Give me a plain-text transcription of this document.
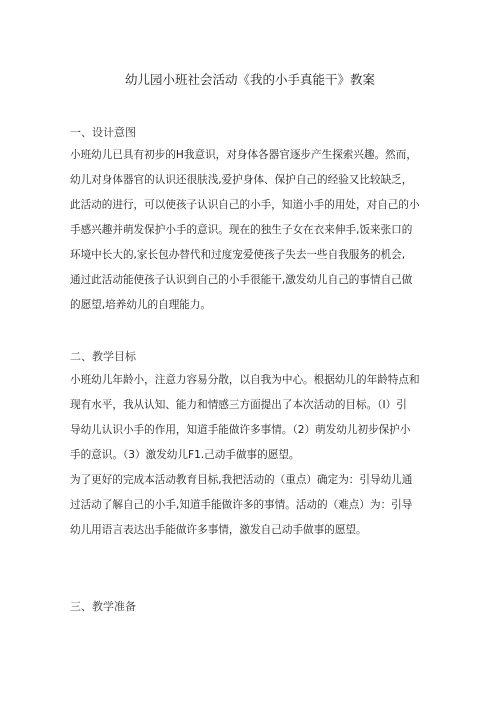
幼儿园小班社会活动《我的小手真能干》教案
一、设计意图
小班幼儿已具有初步的H我意识，对身体各器官逐步产生探索兴趣。然而，
幼儿对身体器官的认识还很肤浅,爱护身体、保护自己的经验又比较缺乏，
此活动的进行，可以使孩子认识自己的小手，知道小手的用处，对自己的小
手感兴趣并萌发保护小手的意识。现在的独生子女在衣来伸手,饭来张口的
环境中长大的,家长包办替代和过度宠爱使孩子失去一些自我服务的机会,
通过此活动能使孩子认识到自己的小手很能干,激发幼儿自己的事情自己做
的愿望,培养幼儿的自理能力。
二、教学目标
小班幼儿年龄小，注意力容易分散，以自我为中心。根据幼儿的年龄特点和
现有水平，我从认知、能力和情感三方面提出了本次活动的目标。（I）引
导幼儿认识小手的作用，知道手能做许多事情。（2）萌发幼儿初步保护小
手的意识。（3）激发幼儿F1.己动手做事的愿望。
为了更好的完成本活动教育目标,我把活动的（重点）确定为：引导幼儿通
过活动了解自己的小手,知道手能做许多的事情。活动的（难点）为：引导
幼儿用语言表达出手能做许多事情，激发自己动手做事的愿望。
三、教学准备
